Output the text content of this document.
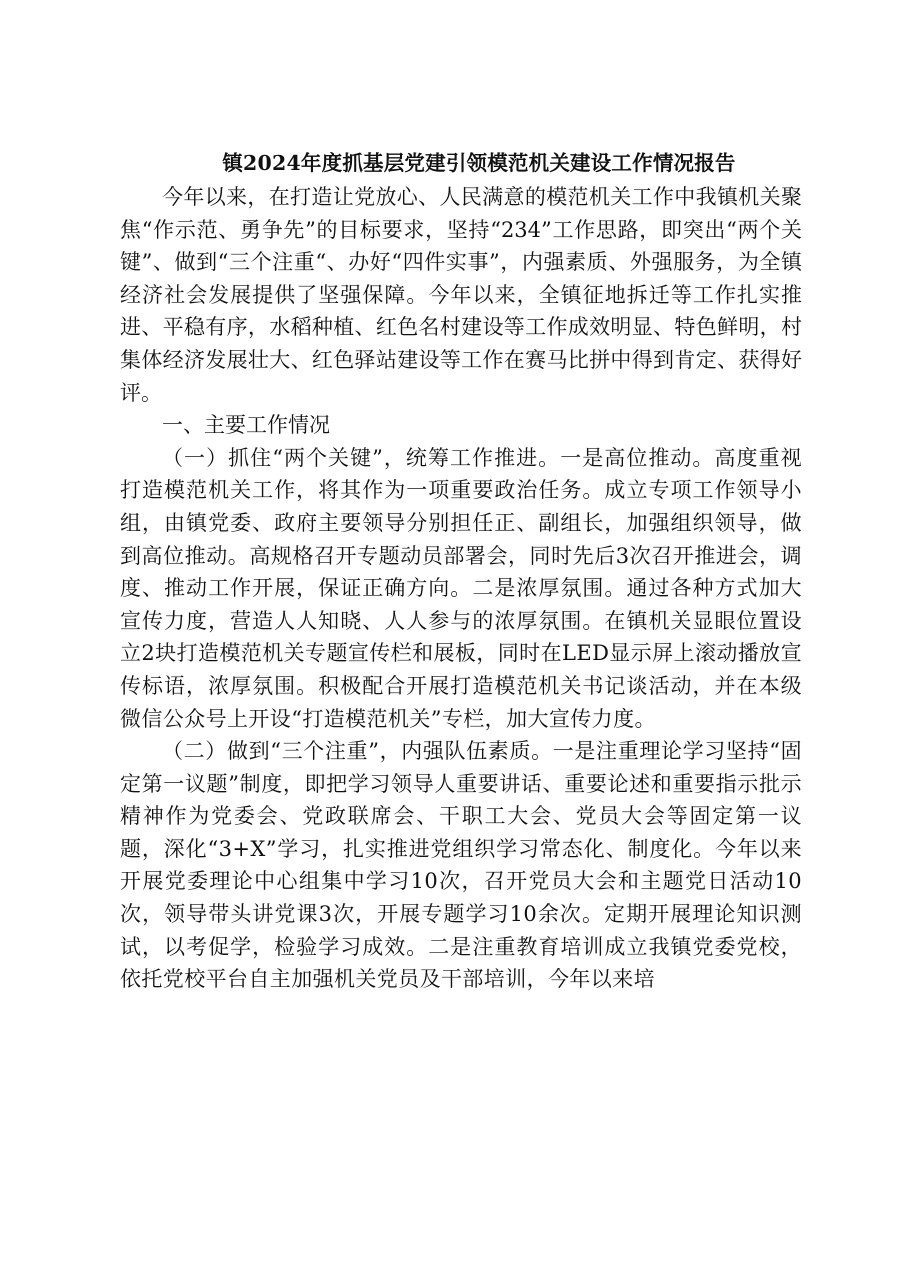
镇2024年度抓基层党建引领模范机关建设工作情况报告

今年以来，在打造让党放心、人民满意的模范机关工作中我镇机关聚焦“作示范、勇争先”的目标要求，坚持“234”工作思路，即突出“两个关键”、做到“三个注重“、办好“四件实事”，内强素质、外强服务，为全镇经济社会发展提供了坚强保障。今年以来，全镇征地拆迁等工作扎实推进、平稳有序，水稻种植、红色名村建设等工作成效明显、特色鲜明，村集体经济发展壮大、红色驿站建设等工作在赛马比拼中得到肯定、获得好评。

一、主要工作情况

（一）抓住“两个关键”，统筹工作推进。一是高位推动。高度重视打造模范机关工作，将其作为一项重要政治任务。成立专项工作领导小组，由镇党委、政府主要领导分别担任正、副组长，加强组织领导，做到高位推动。高规格召开专题动员部署会，同时先后3次召开推进会，调度、推动工作开展，保证正确方向。二是浓厚氛围。通过各种方式加大宣传力度，营造人人知晓、人人参与的浓厚氛围。在镇机关显眼位置设立2块打造模范机关专题宣传栏和展板，同时在LED显示屏上滚动播放宣传标语，浓厚氛围。积极配合开展打造模范机关书记谈活动，并在本级微信公众号上开设“打造模范机关”专栏，加大宣传力度。

（二）做到“三个注重”，内强队伍素质。一是注重理论学习坚持“固定第一议题”制度，即把学习领导人重要讲话、重要论述和重要指示批示精神作为党委会、党政联席会、干职工大会、党员大会等固定第一议题，深化“3+X”学习，扎实推进党组织学习常态化、制度化。今年以来开展党委理论中心组集中学习10次，召开党员大会和主题党日活动10次，领导带头讲党课3次，开展专题学习10余次。定期开展理论知识测试，以考促学，检验学习成效。二是注重教育培训成立我镇党委党校，依托党校平台自主加强机关党员及干部培训，今年以来培
